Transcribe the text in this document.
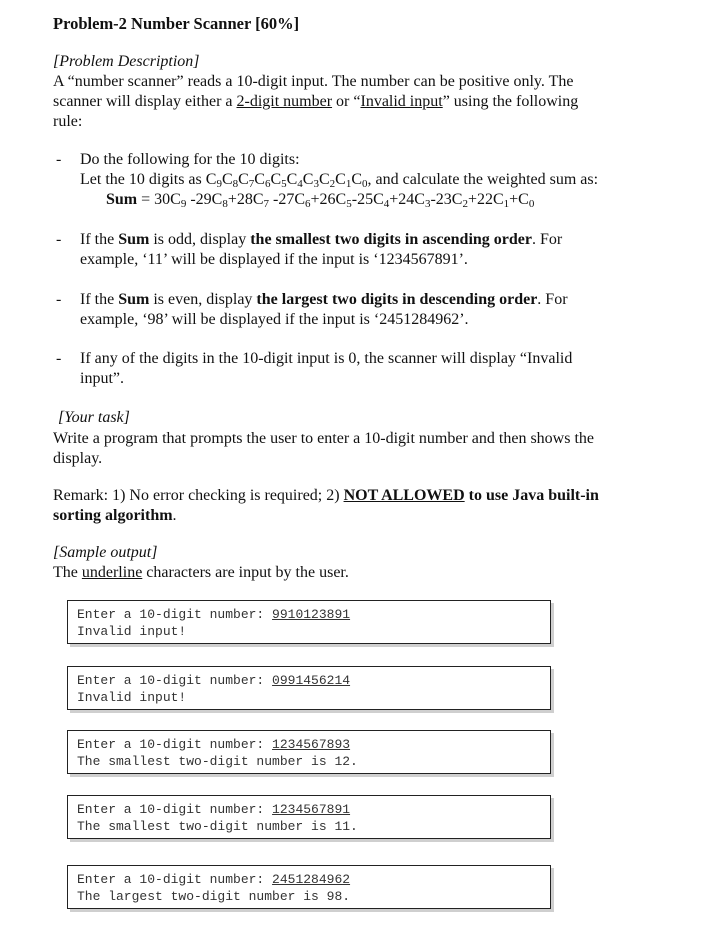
Problem-2 Number Scanner [60%]
[Problem Description]
A “number scanner” reads a 10-digit input. The number can be positive only. The
scanner will display either a 2-digit number or “Invalid input” using the following
rule:
- Do the following for the 10 digits:
Let the 10 digits as $C_9C_8C_7C_6C_5C_4C_3C_2C_1C_0$, and calculate the weighted sum as:
Sum = $30C_9$ $-29C_8+28C_7$ $-27C_6+26C_5-25C_4+24C_3-23C_2+22C_1+C_0$
- If the Sum is odd, display the smallest two digits in ascending order. For
example, ‘11’ will be displayed if the input is ‘1234567891’.
- If the Sum is even, display the largest two digits in descending order. For
example, ‘98’ will be displayed if the input is ‘2451284962’.
- If any of the digits in the 10-digit input is 0, the scanner will display “Invalid
input”.
[Your task]
Write a program that prompts the user to enter a 10-digit number and then shows the
display.
Remark: 1) No error checking is required; 2) NOT ALLOWED to use Java built-in
sorting algorithm.
[Sample output]
The underline characters are input by the user.
Enter a 10-digit number: 9910123891
Invalid input!
Enter a 10-digit number: 0991456214
Invalid input!
Enter a 10-digit number: 1234567893
The smallest two-digit number is 12.
Enter a 10-digit number: 1234567891
The smallest two-digit number is 11.
Enter a 10-digit number: 2451284962
The largest two-digit number is 98.
